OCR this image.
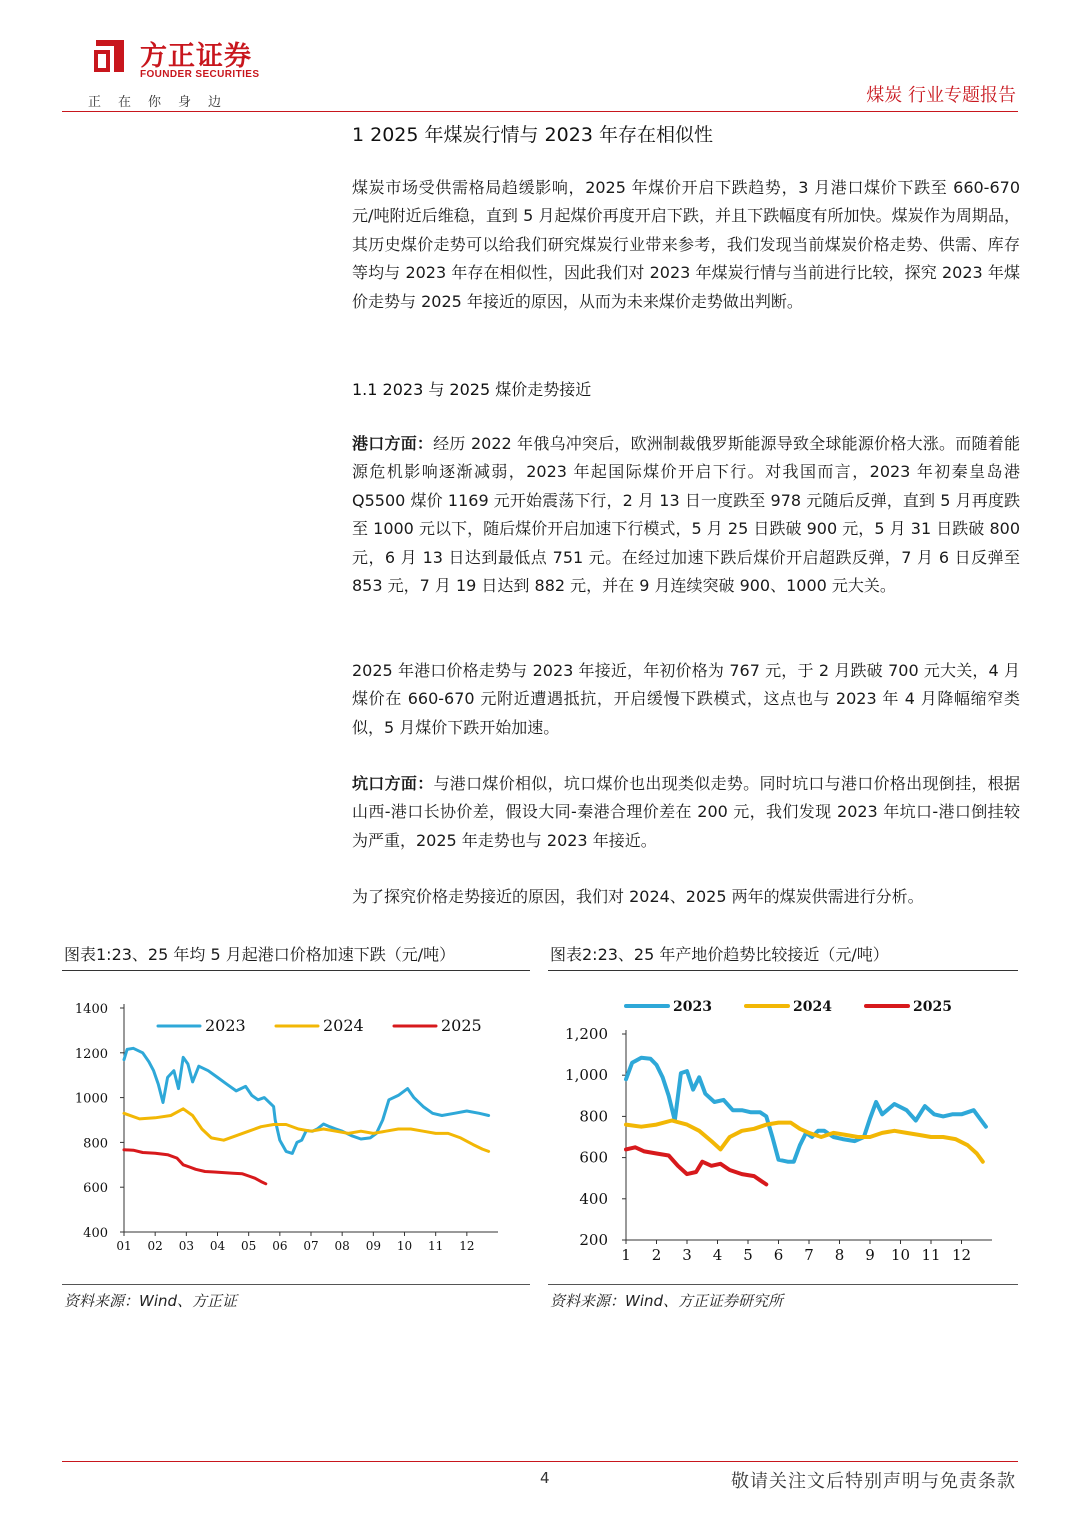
方正证券
FOUNDER SECURITIES
正在你身边	煤炭 行业专题报告
1 2025 年煤炭行情与 2023 年存在相似性
煤炭市场受供需格局趋缓影响，2025 年煤价开启下跌趋势，3 月港口煤价下跌至 660-670 元/吨附近后维稳，直到 5 月起煤价再度开启下跌，并且下跌幅度有所加快。煤炭作为周期品，其历史煤价走势可以给我们研究煤炭行业带来参考，我们发现当前煤炭价格走势、供需、库存等均与 2023 年存在相似性，因此我们对 2023 年煤炭行情与当前进行比较，探究 2023 年煤价走势与 2025 年接近的原因，从而为未来煤价走势做出判断。
1.1 2023 与 2025 煤价走势接近
港口方面：经历 2022 年俄乌冲突后，欧洲制裁俄罗斯能源导致全球能源价格大涨。而随着能源危机影响逐渐减弱，2023 年起国际煤价开启下行。对我国而言，2023 年初秦皇岛港 Q5500 煤价 1169 元开始震荡下行，2 月 13 日一度跌至 978 元随后反弹，直到 5 月再度跌至 1000 元以下，随后煤价开启加速下行模式，5 月 25 日跌破 900 元，5 月 31 日跌破 800 元，6 月 13 日达到最低点 751 元。在经过加速下跌后煤价开启超跌反弹，7 月 6 日反弹至 853 元，7 月 19 日达到 882 元，并在 9 月连续突破 900、1000 元大关。
2025 年港口价格走势与 2023 年接近，年初价格为 767 元，于 2 月跌破 700 元大关，4 月煤价在 660-670 元附近遭遇抵抗，开启缓慢下跌模式，这点也与 2023 年 4 月降幅缩窄类似，5 月煤价下跌开始加速。
坑口方面：与港口煤价相似，坑口煤价也出现类似走势。同时坑口与港口价格出现倒挂，根据山西-港口长协价差，假设大同-秦港合理价差在 200 元，我们发现 2023 年坑口-港口倒挂较为严重，2025 年走势也与 2023 年接近。
为了探究价格走势接近的原因，我们对 2024、2025 两年的煤炭供需进行分析。
图表1:23、25 年均 5 月起港口价格加速下跌（元/吨）
400
600
800
1000
1200
1400
01 02 03 04 05 06 07 08 09 10 11 12
2023	2024	2025
资料来源：Wind、方正证
图表2:23、25 年产地价趋势比较接近（元/吨）
200
400
600
800
1,000
1,200
1 2 3 4 5 6 7 8 9 10 11 12
2023	2024	2025
资料来源：Wind、方正证券研究所
4	敬请关注文后特别声明与免责条款
